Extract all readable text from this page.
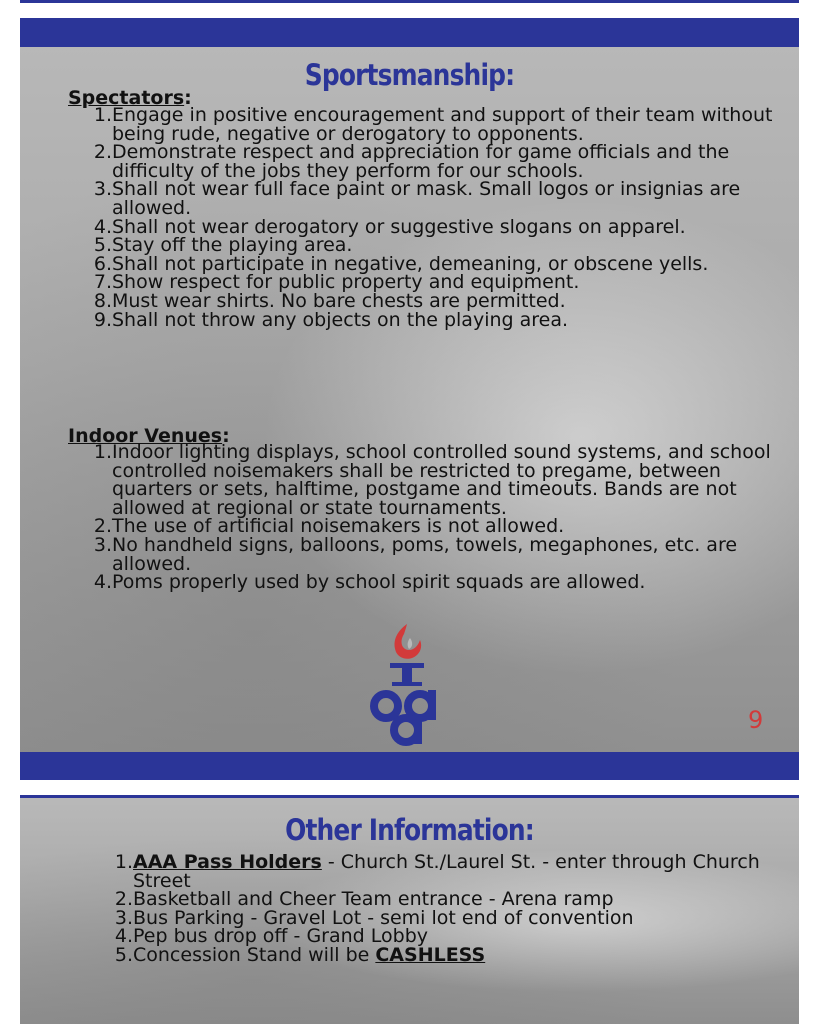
Sportsmanship:
Spectators:
1. Engage in positive encouragement and support of their team without being rude, negative or derogatory to opponents.
2. Demonstrate respect and appreciation for game officials and the difficulty of the jobs they perform for our schools.
3. Shall not wear full face paint or mask. Small logos or insignias are allowed.
4. Shall not wear derogatory or suggestive slogans on apparel.
5. Stay off the playing area.
6. Shall not participate in negative, demeaning, or obscene yells.
7. Show respect for public property and equipment.
8. Must wear shirts. No bare chests are permitted.
9. Shall not throw any objects on the playing area.
Indoor Venues:
1. Indoor lighting displays, school controlled sound systems, and school controlled noisemakers shall be restricted to pregame, between quarters or sets, halftime, postgame and timeouts. Bands are not allowed at regional or state tournaments.
2. The use of artificial noisemakers is not allowed.
3. No handheld signs, balloons, poms, towels, megaphones, etc. are allowed.
4. Poms properly used by school spirit squads are allowed.
9
Other Information:
1. AAA Pass Holders - Church St./Laurel St. - enter through Church Street
2. Basketball and Cheer Team entrance - Arena ramp
3. Bus Parking - Gravel Lot - semi lot end of convention
4. Pep bus drop off - Grand Lobby
5. Concession Stand will be CASHLESS
